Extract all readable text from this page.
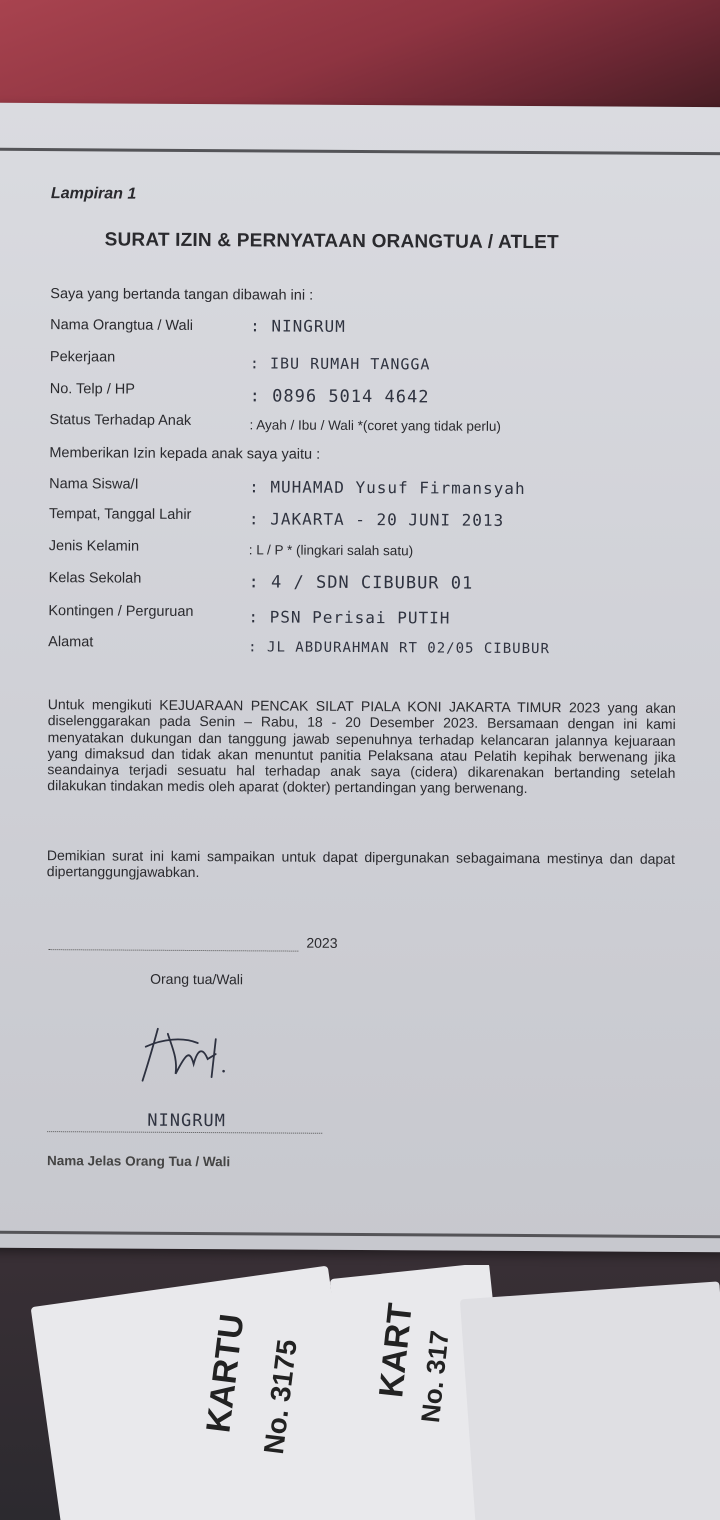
Lampiran 1
SURAT IZIN & PERNYATAAN ORANGTUA / ATLET
Saya yang bertanda tangan dibawah ini :
Nama Orangtua / Wali	: NINGRUM
Pekerjaan	: IBU RUMAH TANGGA
No. Telp / HP	: 0896 5014 4642
Status Terhadap Anak	: Ayah / Ibu / Wali *(coret yang tidak perlu)
Memberikan Izin kepada anak saya yaitu :
Nama Siswa/I	: MUHAMAD Yusuf Firmansyah
Tempat, Tanggal Lahir	: JAKARTA - 20 JUNI 2013
Jenis Kelamin	: L / P * (lingkari salah satu)
Kelas Sekolah	: 4 / SDN CIBUBUR 01
Kontingen / Perguruan	: PSN Perisai PUTIH
Alamat	: JL ABDURAHMAN RT 02/05 CIBUBUR
Untuk mengikuti KEJUARAAN PENCAK SILAT PIALA KONI JAKARTA TIMUR 2023 yang akan diselenggarakan pada Senin – Rabu, 18 - 20 Desember 2023. Bersamaan dengan ini kami menyatakan dukungan dan tanggung jawab sepenuhnya terhadap kelancaran jalannya kejuaraan yang dimaksud dan tidak akan menuntut panitia Pelaksana atau Pelatih kepihak berwenang jika seandainya terjadi sesuatu hal terhadap anak saya (cidera) dikarenakan bertanding setelah dilakukan tindakan medis oleh aparat (dokter) pertandingan yang berwenang.
Demikian surat ini kami sampaikan untuk dapat dipergunakan sebagaimana mestinya dan dapat dipertanggungjawabkan.
2023
Orang tua/Wali
NINGRUM
Nama Jelas Orang Tua / Wali
KARTU No. 3175 KART
No. 317
